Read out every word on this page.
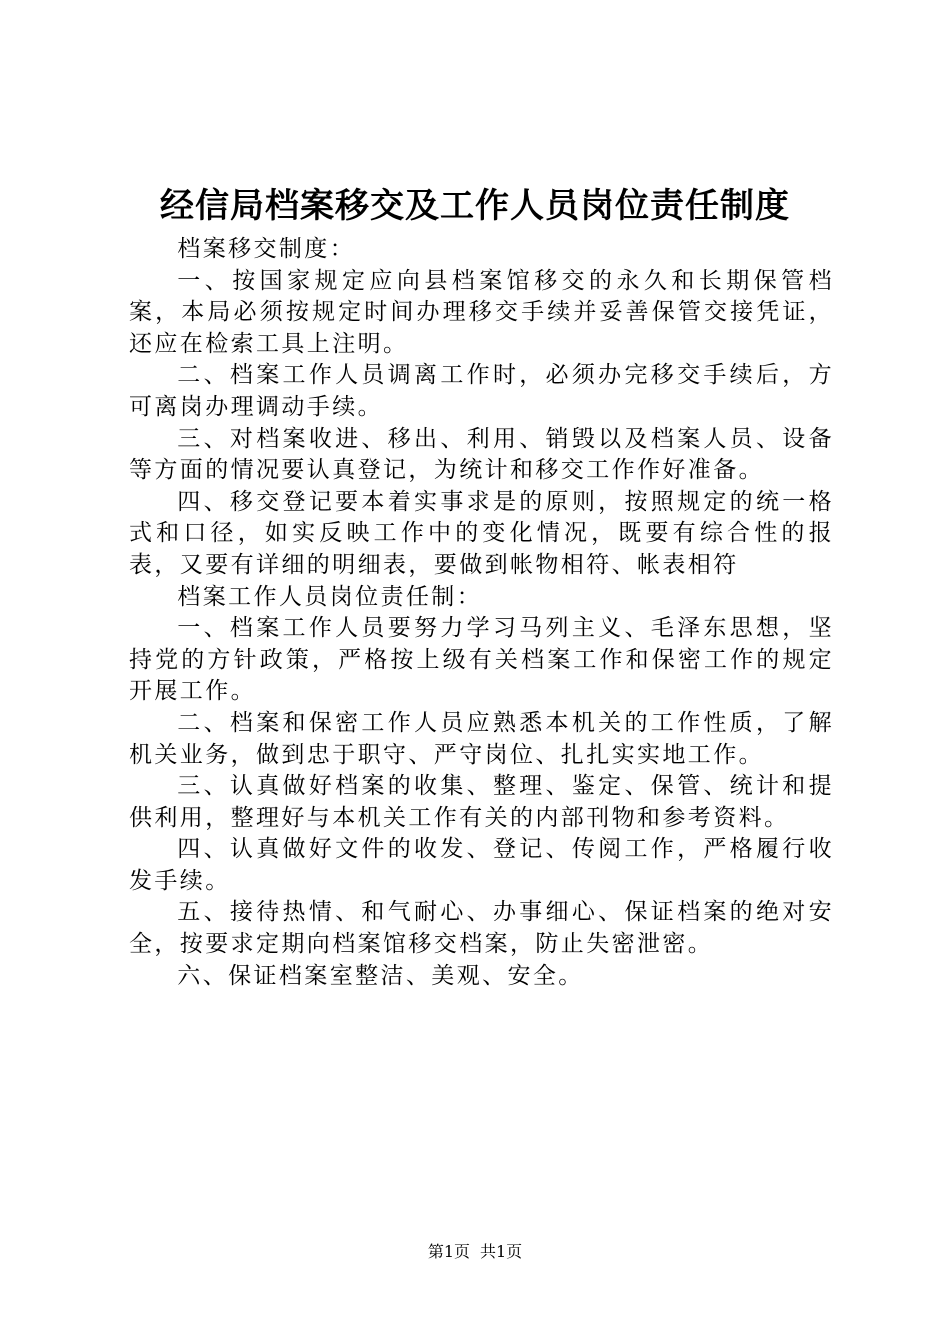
经信局档案移交及工作人员岗位责任制度

档案移交制度：

一、按国家规定应向县档案馆移交的永久和长期保管档案，本局必须按规定时间办理移交手续并妥善保管交接凭证，还应在检索工具上注明。

二、档案工作人员调离工作时，必须办完移交手续后，方可离岗办理调动手续。

三、对档案收进、移出、利用、销毁以及档案人员、设备等方面的情况要认真登记，为统计和移交工作作好准备。

四、移交登记要本着实事求是的原则，按照规定的统一格式和口径，如实反映工作中的变化情况，既要有综合性的报表，又要有详细的明细表，要做到帐物相符、帐表相符

档案工作人员岗位责任制：

一、档案工作人员要努力学习马列主义、毛泽东思想，坚持党的方针政策，严格按上级有关档案工作和保密工作的规定开展工作。

二、档案和保密工作人员应熟悉本机关的工作性质，了解机关业务，做到忠于职守、严守岗位、扎扎实实地工作。

三、认真做好档案的收集、整理、鉴定、保管、统计和提供利用，整理好与本机关工作有关的内部刊物和参考资料。

四、认真做好文件的收发、登记、传阅工作，严格履行收发手续。

五、接待热情、和气耐心、办事细心、保证档案的绝对安全，按要求定期向档案馆移交档案，防止失密泄密。

六、保证档案室整洁、美观、安全。

第1页 共1页
